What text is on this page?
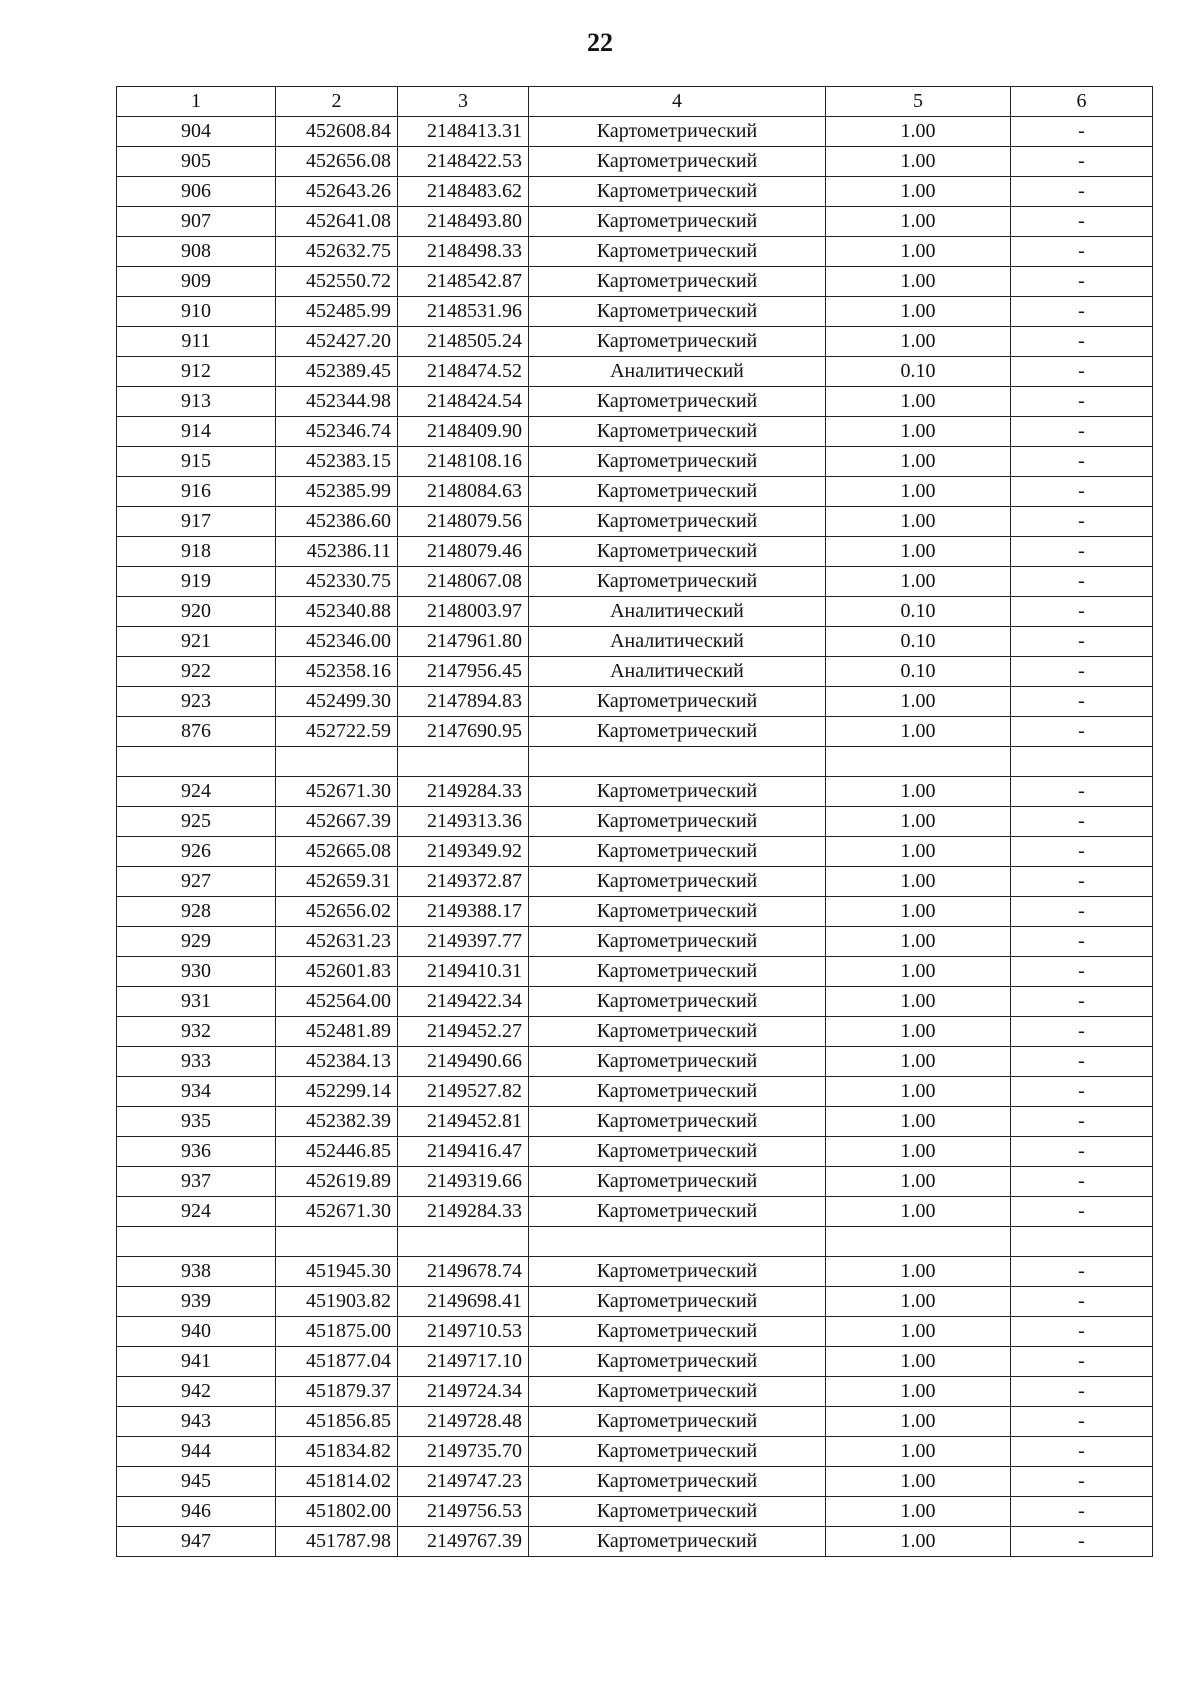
22
1	2	3	4	5	6
904	452608.84	2148413.31	Картометрический	1.00	-
905	452656.08	2148422.53	Картометрический	1.00	-
906	452643.26	2148483.62	Картометрический	1.00	-
907	452641.08	2148493.80	Картометрический	1.00	-
908	452632.75	2148498.33	Картометрический	1.00	-
909	452550.72	2148542.87	Картометрический	1.00	-
910	452485.99	2148531.96	Картометрический	1.00	-
911	452427.20	2148505.24	Картометрический	1.00	-
912	452389.45	2148474.52	Аналитический	0.10	-
913	452344.98	2148424.54	Картометрический	1.00	-
914	452346.74	2148409.90	Картометрический	1.00	-
915	452383.15	2148108.16	Картометрический	1.00	-
916	452385.99	2148084.63	Картометрический	1.00	-
917	452386.60	2148079.56	Картометрический	1.00	-
918	452386.11	2148079.46	Картометрический	1.00	-
919	452330.75	2148067.08	Картометрический	1.00	-
920	452340.88	2148003.97	Аналитический	0.10	-
921	452346.00	2147961.80	Аналитический	0.10	-
922	452358.16	2147956.45	Аналитический	0.10	-
923	452499.30	2147894.83	Картометрический	1.00	-
876	452722.59	2147690.95	Картометрический	1.00	-

924	452671.30	2149284.33	Картометрический	1.00	-
925	452667.39	2149313.36	Картометрический	1.00	-
926	452665.08	2149349.92	Картометрический	1.00	-
927	452659.31	2149372.87	Картометрический	1.00	-
928	452656.02	2149388.17	Картометрический	1.00	-
929	452631.23	2149397.77	Картометрический	1.00	-
930	452601.83	2149410.31	Картометрический	1.00	-
931	452564.00	2149422.34	Картометрический	1.00	-
932	452481.89	2149452.27	Картометрический	1.00	-
933	452384.13	2149490.66	Картометрический	1.00	-
934	452299.14	2149527.82	Картометрический	1.00	-
935	452382.39	2149452.81	Картометрический	1.00	-
936	452446.85	2149416.47	Картометрический	1.00	-
937	452619.89	2149319.66	Картометрический	1.00	-
924	452671.30	2149284.33	Картометрический	1.00	-

938	451945.30	2149678.74	Картометрический	1.00	-
939	451903.82	2149698.41	Картометрический	1.00	-
940	451875.00	2149710.53	Картометрический	1.00	-
941	451877.04	2149717.10	Картометрический	1.00	-
942	451879.37	2149724.34	Картометрический	1.00	-
943	451856.85	2149728.48	Картометрический	1.00	-
944	451834.82	2149735.70	Картометрический	1.00	-
945	451814.02	2149747.23	Картометрический	1.00	-
946	451802.00	2149756.53	Картометрический	1.00	-
947	451787.98	2149767.39	Картометрический	1.00	-
